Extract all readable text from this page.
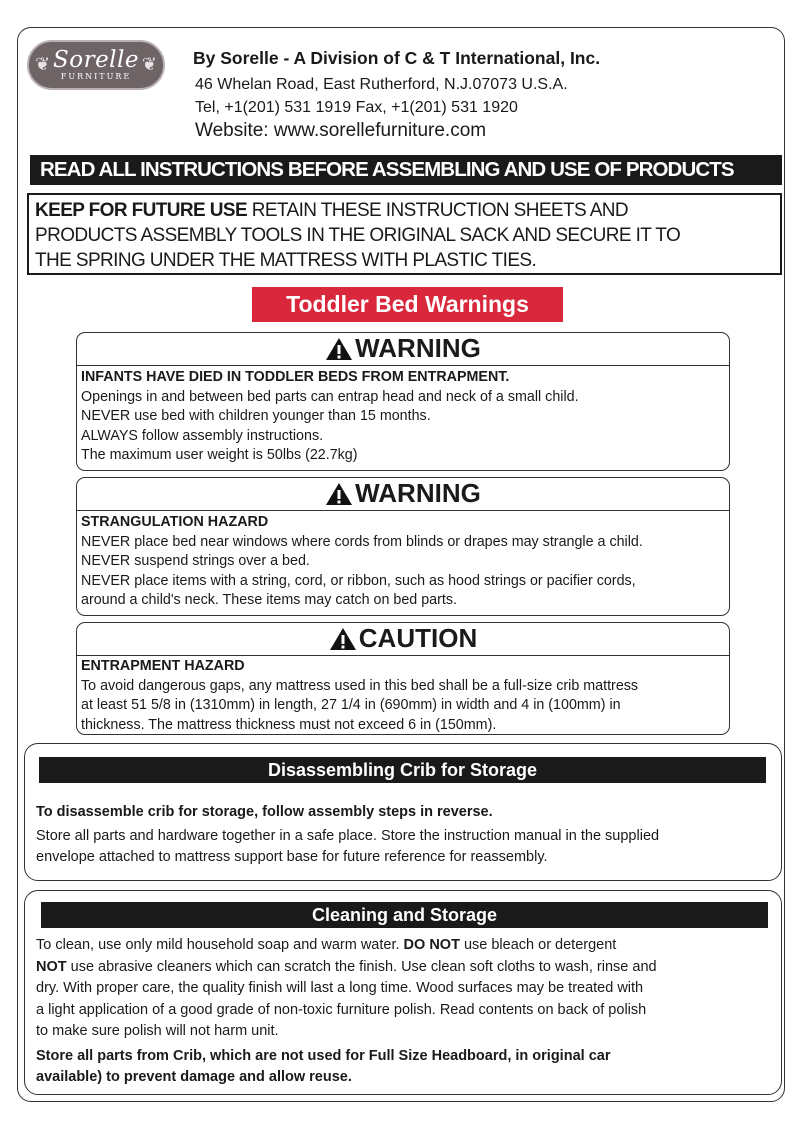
❦	❦
Sorelle
FURNITURE
By Sorelle - A Division of C & T International, Inc.
46 Whelan Road, East Rutherford, N.J.07073 U.S.A.
Tel, +1(201) 531 1919 Fax, +1(201) 531 1920
Website: www.sorellefurniture.com
READ ALL INSTRUCTIONS BEFORE ASSEMBLING AND USE OF PRODUCTS
KEEP FOR FUTURE USE RETAIN THESE INSTRUCTION SHEETS AND
PRODUCTS ASSEMBLY TOOLS IN THE ORIGINAL SACK AND SECURE IT TO
THE SPRING UNDER THE MATTRESS WITH PLASTIC TIES.
Toddler Bed Warnings
WARNING
INFANTS HAVE DIED IN TODDLER BEDS FROM ENTRAPMENT.
Openings in and between bed parts can entrap head and neck of a small child.
NEVER use bed with children younger than 15 months.
ALWAYS follow assembly instructions.
The maximum user weight is 50lbs (22.7kg)
WARNING
STRANGULATION HAZARD
NEVER place bed near windows where cords from blinds or drapes may strangle a child.
NEVER suspend strings over a bed.
NEVER place items with a string, cord, or ribbon, such as hood strings or pacifier cords,
around a child's neck. These items may catch on bed parts.
CAUTION
ENTRAPMENT HAZARD
To avoid dangerous gaps, any mattress used in this bed shall be a full-size crib mattress
at least 51 5/8 in (1310mm) in length, 27 1/4 in (690mm) in width and 4 in (100mm) in
thickness. The mattress thickness must not exceed 6 in (150mm).
Disassembling Crib for Storage
To disassemble crib for storage, follow assembly steps in reverse.
Store all parts and hardware together in a safe place. Store the instruction manual in the supplied
envelope attached to mattress support base for future reference for reassembly.
Cleaning and Storage
To clean, use only mild household soap and warm water. DO NOT use bleach or detergent
NOT use abrasive cleaners which can scratch the finish. Use clean soft cloths to wash, rinse and
dry. With proper care, the quality finish will last a long time. Wood surfaces may be treated with
a light application of a good grade of non-toxic furniture polish. Read contents on back of polish
to make sure polish will not harm unit.
Store all parts from Crib, which are not used for Full Size Headboard, in original car
available) to prevent damage and allow reuse.
